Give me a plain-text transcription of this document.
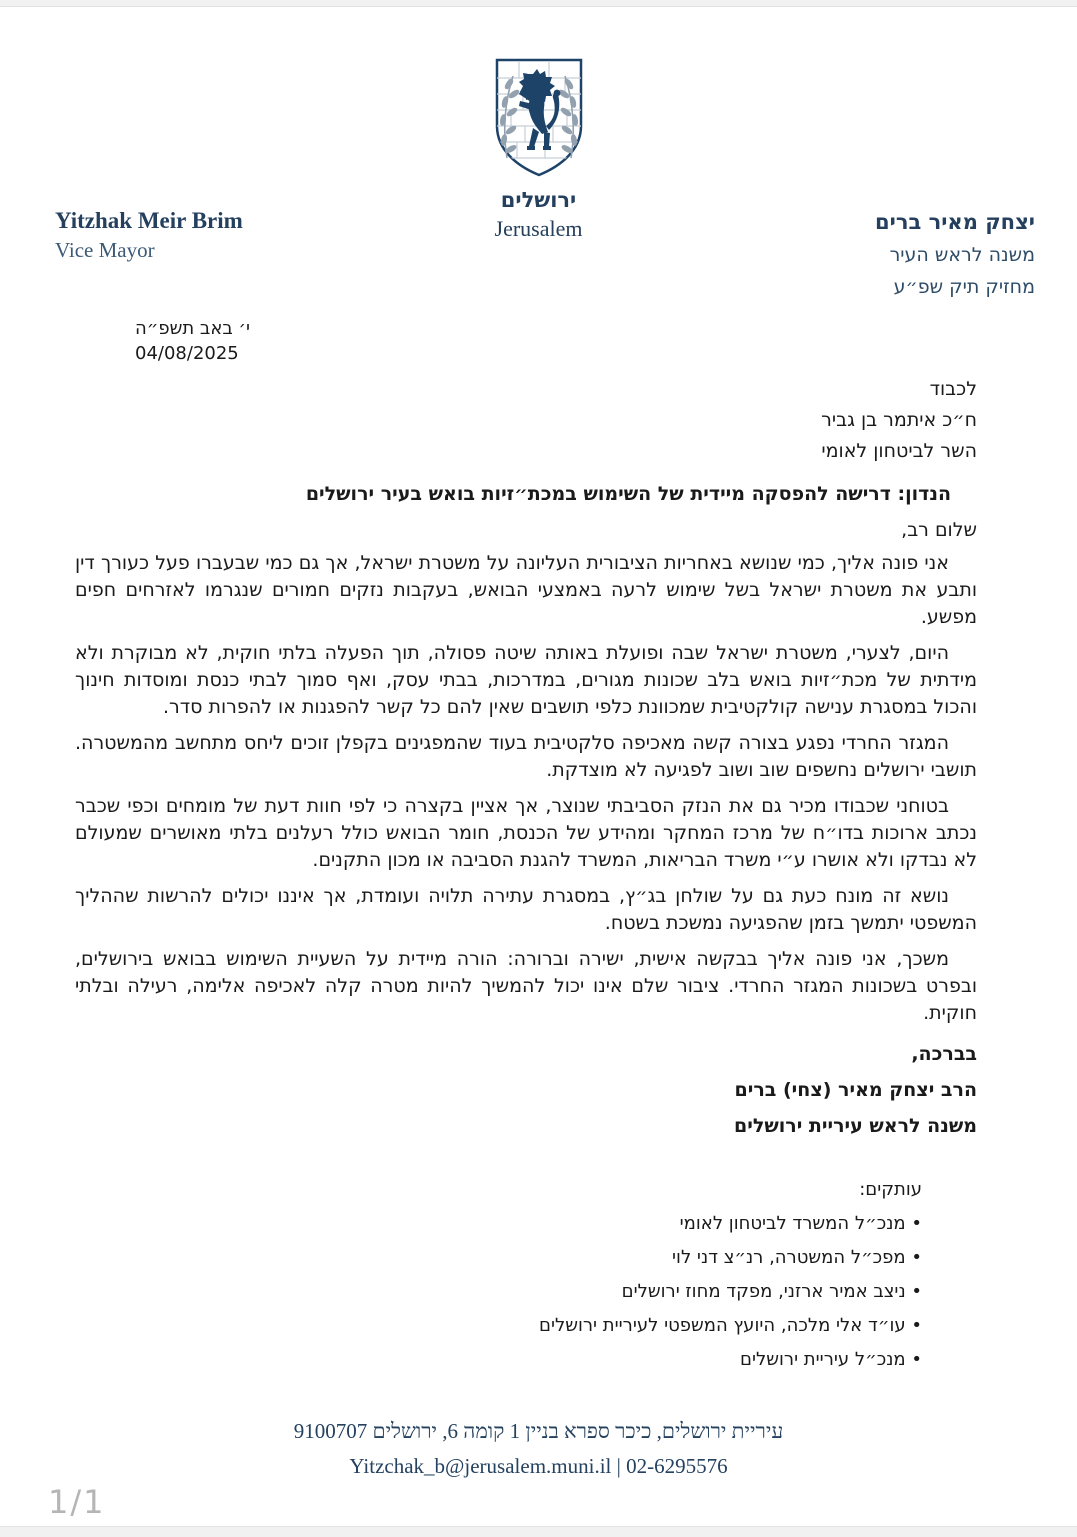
Yitzhak Meir Brim
Vice Mayor
ירושלים
Jerusalem	יצחק מאיר ברים
משנה לראש העיר
מחזיק תיק שפ״ע
י׳ באב תשפ״ה
04/08/2025
לכבוד
ח״כ איתמר בן גביר
השר לביטחון לאומי
הנדון: דרישה להפסקה מיידית של השימוש במכת״זיות בואש בעיר ירושלים
שלום רב,

אני פונה אליך, כמי שנושא באחריות הציבורית העליונה על משטרת ישראל, אך גם כמי שבעברו פעל כעורך דין ותבע את משטרת ישראל בשל שימוש לרעה באמצעי הבואש, בעקבות נזקים חמורים שנגרמו לאזרחים חפים מפשע.

היום, לצערי, משטרת ישראל שבה ופועלת באותה שיטה פסולה, תוך הפעלה בלתי חוקית, לא מבוקרת ולא מידתית של מכת״זיות בואש בלב שכונות מגורים, במדרכות, בבתי עסק, ואף סמוך לבתי כנסת ומוסדות חינוך והכול במסגרת ענישה קולקטיבית שמכוונת כלפי תושבים שאין להם כל קשר להפגנות או להפרות סדר.

המגזר החרדי נפגע בצורה קשה מאכיפה סלקטיבית בעוד שהמפגינים בקפלן זוכים ליחס מתחשב מהמשטרה. תושבי ירושלים נחשפים שוב ושוב לפגיעה לא מוצדקת.

בטוחני שכבודו מכיר גם את הנזק הסביבתי שנוצר, אך אציין בקצרה כי לפי חוות דעת של מומחים וכפי שכבר נכתב ארוכות בדו״ח של מרכז המחקר ומהידע של הכנסת, חומר הבואש כולל רעלנים בלתי מאושרים שמעולם לא נבדקו ולא אושרו ע״י משרד הבריאות, המשרד להגנת הסביבה או מכון התקנים.

נושא זה מונח כעת גם על שולחן בג״ץ, במסגרת עתירה תלויה ועומדת, אך איננו יכולים להרשות שההליך המשפטי יתמשך בזמן שהפגיעה נמשכת בשטח.

משכך, אני פונה אליך בבקשה אישית, ישירה וברורה: הורה מיידית על השעיית השימוש בבואש בירושלים, ובפרט בשכונות המגזר החרדי. ציבור שלם אינו יכול להמשיך להיות מטרה קלה לאכיפה אלימה, רעילה ובלתי חוקית.

בברכה,
הרב יצחק מאיר (צחי) ברים
משנה לראש עיריית ירושלים
עותקים:
• מנכ״ל המשרד לביטחון לאומי
• מפכ״ל המשטרה, רנ״צ דני לוי
• ניצב אמיר ארזני, מפקד מחוז ירושלים
• עו״ד אלי מלכה, היועץ המשפטי לעיריית ירושלים
• מנכ״ל עיריית ירושלים
עיריית ירושלים, כיכר ספרא בניין 1 קומה 6, ירושלים 9100707
Yitzchak_b@jerusalem.muni.il | 02-6295576
1/1
